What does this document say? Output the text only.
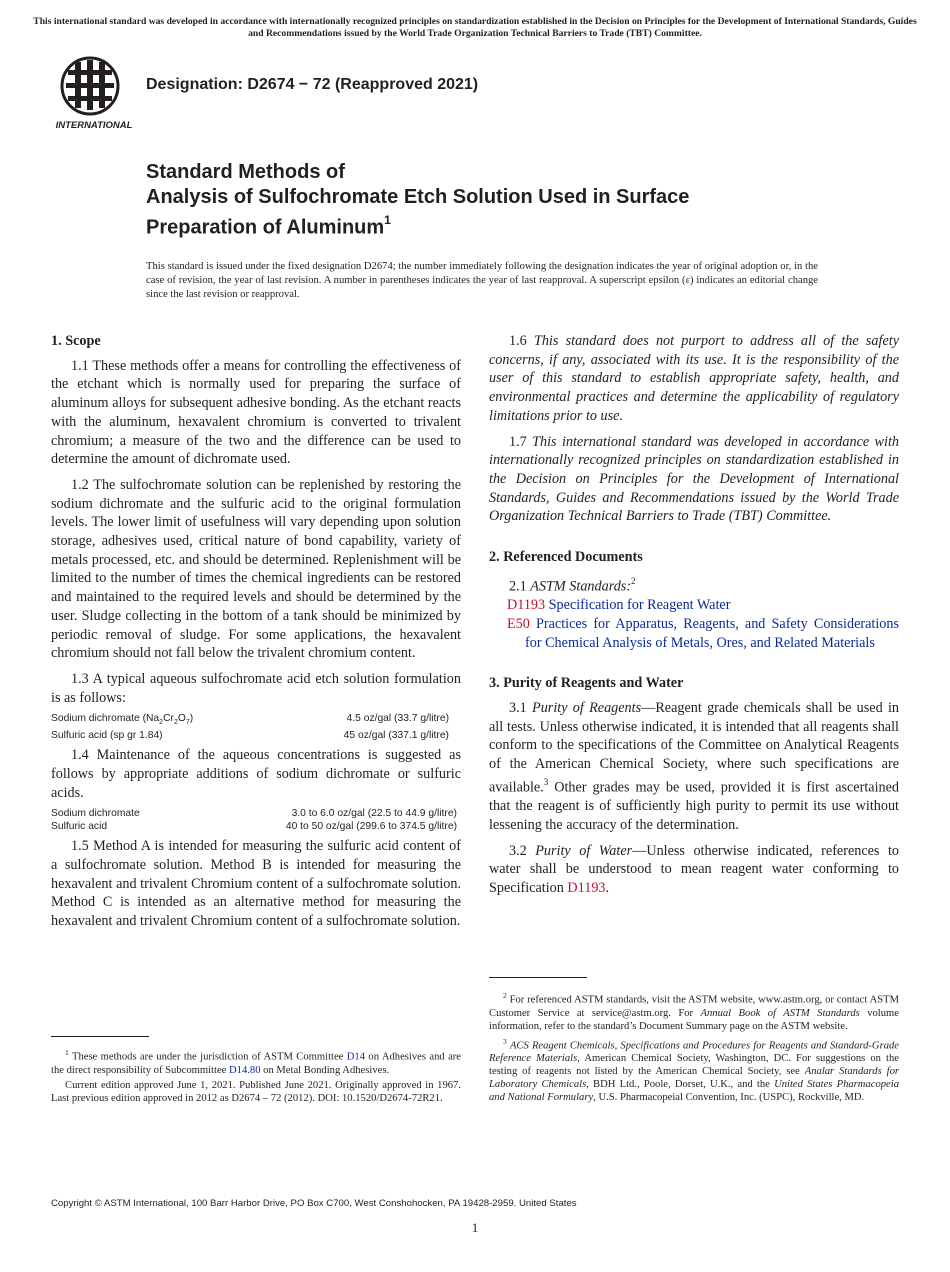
This international standard was developed in accordance with internationally recognized principles on standardization established in the Decision on Principles for the Development of International Standards, Guides and Recommendations issued by the World Trade Organization Technical Barriers to Trade (TBT) Committee.
INTERNATIONAL
Designation: D2674 − 72 (Reapproved 2021)
Standard Methods of
Analysis of Sulfochromate Etch Solution Used in Surface
Preparation of Aluminum$^1$
This standard is issued under the fixed designation D2674; the number immediately following the designation indicates the year of original adoption or, in the case of revision, the year of last revision. A number in parentheses indicates the year of last reapproval. A superscript epsilon (ε) indicates an editorial change since the last revision or reapproval.
1. Scope

1.1 These methods offer a means for controlling the effectiveness of the etchant which is normally used for preparing the surface of aluminum alloys for subsequent adhesive bonding. As the etchant reacts with the aluminum, hexavalent chromium is converted to trivalent chromium; a measure of the two and the difference can be used to determine the amount of dichromate used.

1.2 The sulfochromate solution can be replenished by restoring the sodium dichromate and the sulfuric acid to the original formulation levels. The lower limit of usefulness will vary depending upon solution storage, adhesives used, critical nature of bond capability, variety of metals processed, etc. and should be determined. Replenishment will be limited to the number of times the chemical ingredients can be restored and maintained to the required levels and should be determined by the user. Sludge collecting in the bottom of a tank should be minimized by periodic removal of sludge. For some applications, the hexavalent chromium should not fall below the trivalent chromium content.

1.3 A typical aqueous sulfochromate acid etch solution formulation is as follows:

Sodium dichromate $(Na_2Cr_2O_7)$	4.5 oz/gal (33.7 g/litre)
Sulfuric acid (sp gr 1.84)	45 oz/gal (337.1 g/litre)

1.4 Maintenance of the aqueous concentrations is suggested as follows by appropriate additions of sodium dichromate or sulfuric acids.

Sodium dichromate	3.0 to 6.0 oz/gal (22.5 to 44.9 g/litre)
Sulfuric acid	40 to 50 oz/gal (299.6 to 374.5 g/litre)

1.5 Method A is intended for measuring the sulfuric acid content of a sulfochromate solution. Method B is intended for measuring the hexavalent and trivalent Chromium content of a sulfochromate solution. Method C is intended as an alternative method for measuring the hexavalent and trivalent Chromium content of a sulfochromate solution.

1.6 This standard does not purport to address all of the safety concerns, if any, associated with its use. It is the responsibility of the user of this standard to establish appropriate safety, health, and environmental practices and determine the applicability of regulatory limitations prior to use.

1.7 This international standard was developed in accordance with internationally recognized principles on standardization established in the Decision on Principles for the Development of International Standards, Guides and Recommendations issued by the World Trade Organization Technical Barriers to Trade (TBT) Committee.

2. Referenced Documents

2.1 ASTM Standards:$^2$

D1193 Specification for Reagent Water
E50 Practices for Apparatus, Reagents, and Safety Considerations for Chemical Analysis of Metals, Ores, and Related Materials
3. Purity of Reagents and Water

3.1 Purity of Reagents—Reagent grade chemicals shall be used in all tests. Unless otherwise indicated, it is intended that all reagents shall conform to the specifications of the Committee on Analytical Reagents of the American Chemical Society, where such specifications are available.$^3$ Other grades may be used, provided it is first ascertained that the reagent is of sufficiently high purity to permit its use without lessening the accuracy of the determination.

3.2 Purity of Water—Unless otherwise indicated, references to water shall be understood to mean reagent water conforming to Specification D1193.

$^1$ These methods are under the jurisdiction of ASTM Committee D14 on Adhesives and are the direct responsibility of Subcommittee D14.80 on Metal Bonding Adhesives.

Current edition approved June 1, 2021. Published June 2021. Originally approved in 1967. Last previous edition approved in 2012 as D2674 – 72 (2012). DOI: 10.1520/D2674-72R21.

$^2$ For referenced ASTM standards, visit the ASTM website, www.astm.org, or contact ASTM Customer Service at service@astm.org. For Annual Book of ASTM Standards volume information, refer to the standard’s Document Summary page on the ASTM website.

$^3$ ACS Reagent Chemicals, Specifications and Procedures for Reagents and Standard-Grade Reference Materials, American Chemical Society, Washington, DC. For suggestions on the testing of reagents not listed by the American Chemical Society, see Analar Standards for Laboratory Chemicals, BDH Ltd., Poole, Dorset, U.K., and the United States Pharmacopeia and National Formulary, U.S. Pharmacopeial Convention, Inc. (USPC), Rockville, MD.

Copyright © ASTM International, 100 Barr Harbor Drive, PO Box C700, West Conshohocken, PA 19428-2959. United States
1
